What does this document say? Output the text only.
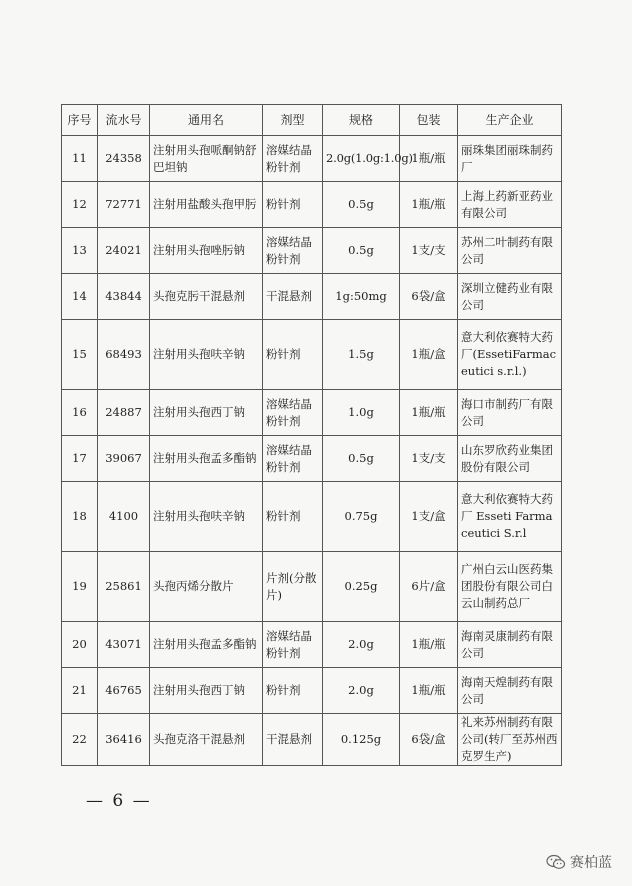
序号	流水号	通用名	剂型	规格	包装	生产企业
11	24358	注射用头孢哌酮钠舒巴坦钠	溶媒结晶粉针剂	2.0g(1.0g:1.0g)	1瓶/瓶	丽珠集团丽珠制药厂
12	72771	注射用盐酸头孢甲肟	粉针剂	0.5g	1瓶/瓶	上海上药新亚药业有限公司
13	24021	注射用头孢唑肟钠	溶媒结晶粉针剂	0.5g	1支/支	苏州二叶制药有限公司
14	43844	头孢克肟干混悬剂	干混悬剂	1g:50mg	6袋/盒	深圳立健药业有限公司
15	68493	注射用头孢呋辛钠	粉针剂	1.5g	1瓶/盒	意大利依赛特大药厂(EssetiFarmaceutici s.r.l.)
16	24887	注射用头孢西丁钠	溶媒结晶粉针剂	1.0g	1瓶/瓶	海口市制药厂有限公司
17	39067	注射用头孢孟多酯钠	溶媒结晶粉针剂	0.5g	1支/支	山东罗欣药业集团股份有限公司
18	4100	注射用头孢呋辛钠	粉针剂	0.75g	1支/盒	意大利依赛特大药厂 Esseti Farmaceutici S.r.l
19	25861	头孢丙烯分散片	片剂(分散片)	0.25g	6片/盒	广州白云山医药集团股份有限公司白云山制药总厂
20	43071	注射用头孢孟多酯钠	溶媒结晶粉针剂	2.0g	1瓶/瓶	海南灵康制药有限公司
21	46765	注射用头孢西丁钠	粉针剂	2.0g	1瓶/瓶	海南天煌制药有限公司
22	36416	头孢克洛干混悬剂	干混悬剂	0.125g	6袋/盒	礼来苏州制药有限公司(转厂至苏州西克罗生产)
— 6 —
赛柏蓝
